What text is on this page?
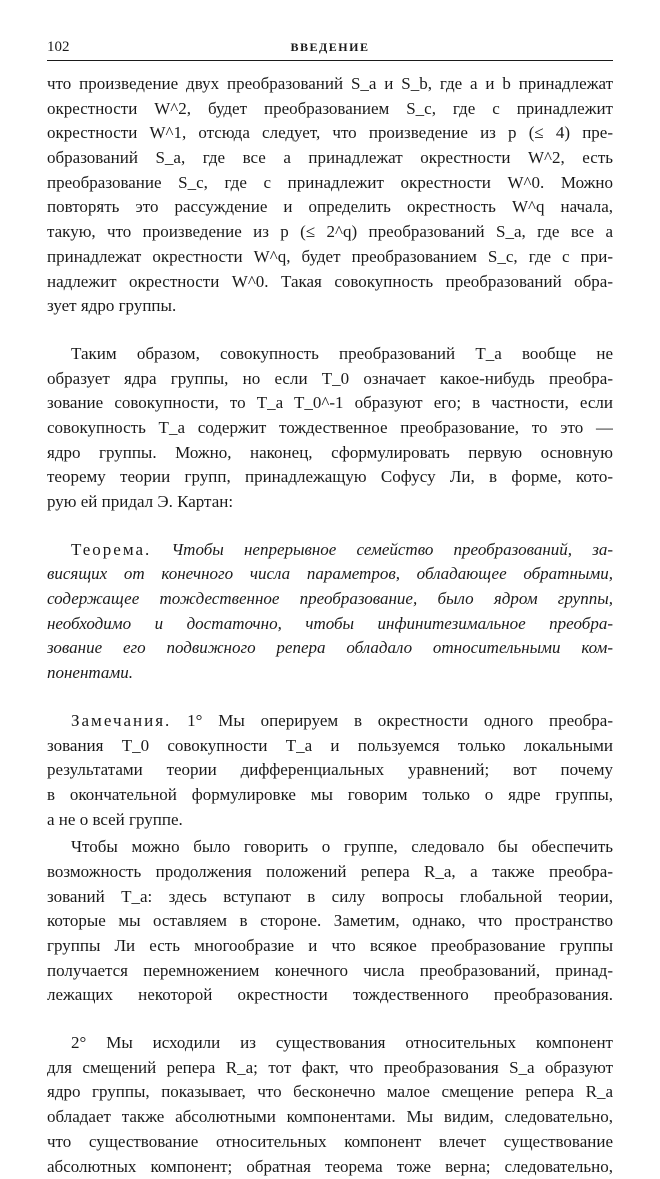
102	ВВЕДЕНИЕ
что произведение двух преобразований S_a и S_b, где a и b принадлежат
окрестности W^2, будет преобразованием S_c, где c принадлежит
окрестности W^1, отсюда следует, что произведение из p (≤ 4) пре-
образований S_a, где все a принадлежат окрестности W^2, есть
преобразование S_c, где c принадлежит окрестности W^0. Можно
повторять это рассуждение и определить окрестность W^q начала,
такую, что произведение из p (≤ 2^q) преобразований S_a, где все a
принадлежат окрестности W^q, будет преобразованием S_c, где c при-
надлежит окрестности W^0. Такая совокупность преобразований обра-
зует ядро группы.
Таким образом, совокупность преобразований T_a вообще не
образует ядра группы, но если T_0 означает какое-нибудь преобра-
зование совокупности, то T_a T_0^-1 образуют его; в частности, если
совокупность T_a содержит тождественное преобразование, то это —
ядро группы. Можно, наконец, сформулировать первую основную
теорему теории групп, принадлежащую Софусу Ли, в форме, кото-
рую ей придал Э. Картан:
Теорема. Чтобы непрерывное семейство преобразований, за-
висящих от конечного числа параметров, обладающее обратными,
содержащее тождественное преобразование, было ядром группы,
необходимо и достаточно, чтобы инфинитезимальное преобра-
зование его подвижного репера обладало относительными ком-
понентами.
Замечания. 1° Мы оперируем в окрестности одного преобра-
зования T_0 совокупности T_a и пользуемся только локальными
результатами теории дифференциальных уравнений; вот почему
в окончательной формулировке мы говорим только о ядре группы,
а не о всей группе.
Чтобы можно было говорить о группе, следовало бы обеспечить
возможность продолжения положений репера R_a, а также преобра-
зований T_a: здесь вступают в силу вопросы глобальной теории,
которые мы оставляем в стороне. Заметим, однако, что пространство
группы Ли есть многообразие и что всякое преобразование группы
получается перемножением конечного числа преобразований, принад-
лежащих некоторой окрестности тождественного преобразования.
2° Мы исходили из существования относительных компонент
для смещений репера R_a; тот факт, что преобразования S_a образуют
ядро группы, показывает, что бесконечно малое смещение репера R_a
обладает также абсолютными компонентами. Мы видим, следовательно,
что существование относительных компонент влечет существование
абсолютных компонент; обратная теорема тоже верна; следовательно,
